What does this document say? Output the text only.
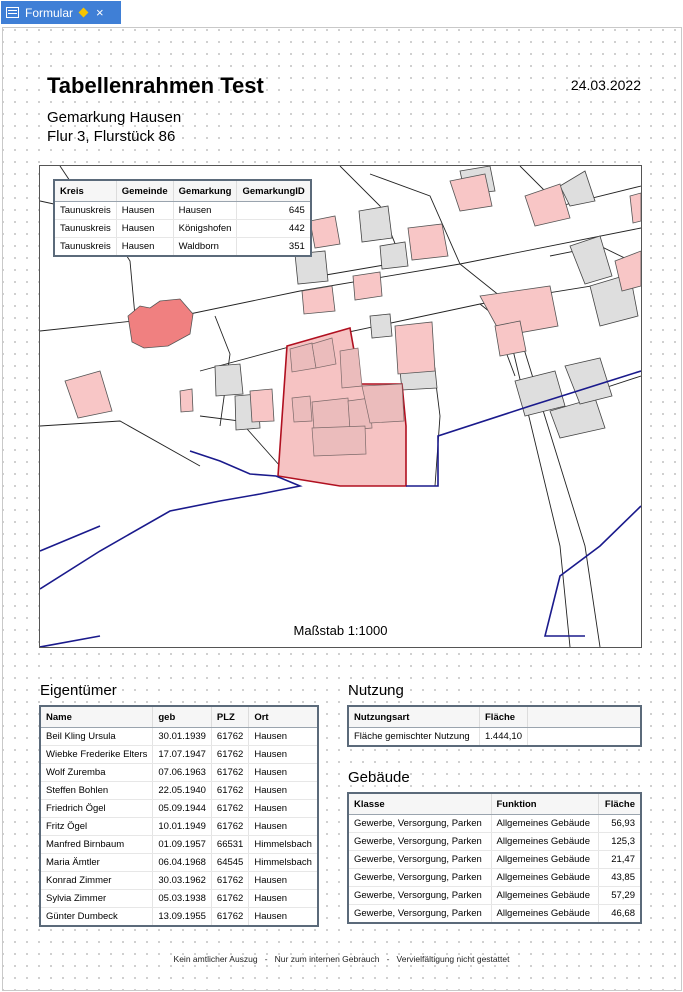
Formular ×
Tabellenrahmen Test	24.03.2022
Gemarkung Hausen
Flur 3, Flurstück 86
Kreis	Gemeinde	Gemarkung	GemarkungID
Taunuskreis	Hausen	Hausen	645
Taunuskreis	Hausen	Königshofen	442
Taunuskreis	Hausen	Waldborn	351
Maßstab 1:1000
Eigentümer
Name	geb	PLZ	Ort
Beil Kling Ursula	30.01.1939	61762	Hausen
Wiebke Frederike Elters	17.07.1947	61762	Hausen
Wolf Zuremba	07.06.1963	61762	Hausen
Steffen Bohlen	22.05.1940	61762	Hausen
Friedrich Ögel	05.09.1944	61762	Hausen
Fritz Ögel	10.01.1949	61762	Hausen
Manfred Birnbaum	01.09.1957	66531	Himmelsbach
Maria Ämtler	06.04.1968	64545	Himmelsbach
Konrad Zimmer	30.03.1962	61762	Hausen
Sylvia Zimmer	05.03.1938	61762	Hausen
Günter Dumbeck	13.09.1955	61762	Hausen
Nutzung
Nutzungsart	Fläche	
Fläche gemischter Nutzung	1.444,10	
Gebäude
Klasse	Funktion	Fläche
Gewerbe, Versorgung, Parken	Allgemeines Gebäude	56,93
Gewerbe, Versorgung, Parken	Allgemeines Gebäude	125,3
Gewerbe, Versorgung, Parken	Allgemeines Gebäude	21,47
Gewerbe, Versorgung, Parken	Allgemeines Gebäude	43,85
Gewerbe, Versorgung, Parken	Allgemeines Gebäude	57,29
Gewerbe, Versorgung, Parken	Allgemeines Gebäude	46,68
Kein amtlicher Auszug   -   Nur zum internen Gebrauch   -   Vervielfältigung nicht gestattet
